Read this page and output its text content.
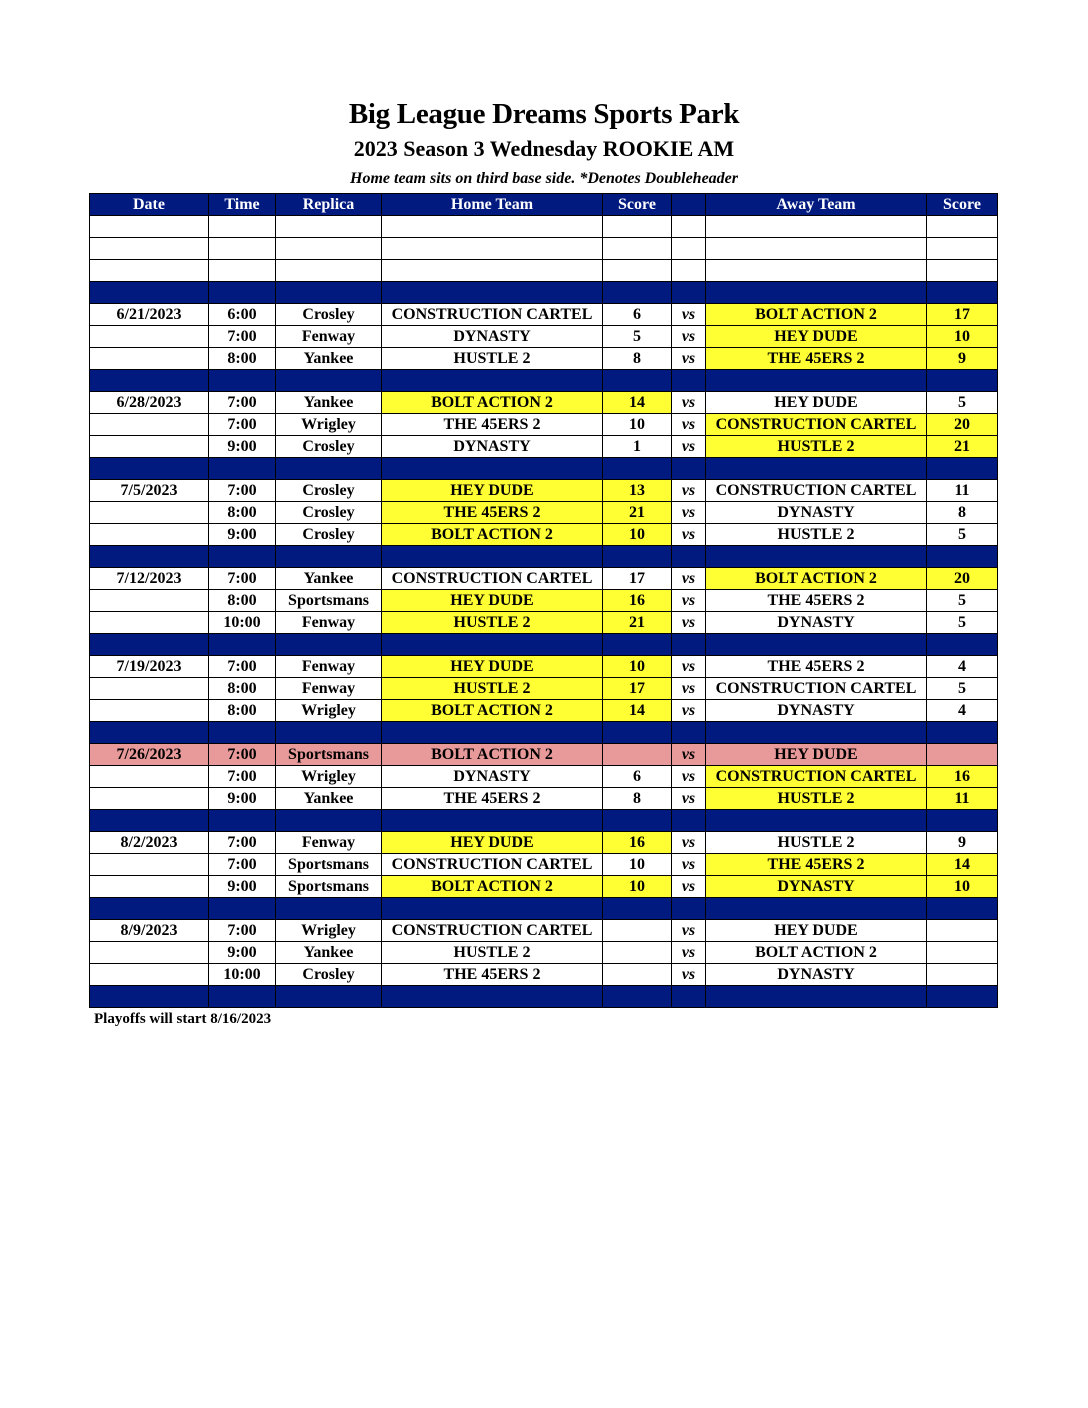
Big League Dreams Sports Park
2023 Season 3 Wednesday ROOKIE AM
Home team sits on third base side. *Denotes Doubleheader
Date	Time	Replica	Home Team	Score		Away Team	Score

6/21/2023	6:00	Crosley	CONSTRUCTION CARTEL	6	vs	BOLT ACTION 2	17
	7:00	Fenway	DYNASTY	5	vs	HEY DUDE	10
	8:00	Yankee	HUSTLE 2	8	vs	THE 45ERS 2	9

6/28/2023	7:00	Yankee	BOLT ACTION 2	14	vs	HEY DUDE	5
	7:00	Wrigley	THE 45ERS 2	10	vs	CONSTRUCTION CARTEL	20
	9:00	Crosley	DYNASTY	1	vs	HUSTLE 2	21

7/5/2023	7:00	Crosley	HEY DUDE	13	vs	CONSTRUCTION CARTEL	11
	8:00	Crosley	THE 45ERS 2	21	vs	DYNASTY	8
	9:00	Crosley	BOLT ACTION 2	10	vs	HUSTLE 2	5

7/12/2023	7:00	Yankee	CONSTRUCTION CARTEL	17	vs	BOLT ACTION 2	20
	8:00	Sportsmans	HEY DUDE	16	vs	THE 45ERS 2	5
	10:00	Fenway	HUSTLE 2	21	vs	DYNASTY	5

7/19/2023	7:00	Fenway	HEY DUDE	10	vs	THE 45ERS 2	4
	8:00	Fenway	HUSTLE 2	17	vs	CONSTRUCTION CARTEL	5
	8:00	Wrigley	BOLT ACTION 2	14	vs	DYNASTY	4

7/26/2023	7:00	Sportsmans	BOLT ACTION 2		vs	HEY DUDE	
	7:00	Wrigley	DYNASTY	6	vs	CONSTRUCTION CARTEL	16
	9:00	Yankee	THE 45ERS 2	8	vs	HUSTLE 2	11

8/2/2023	7:00	Fenway	HEY DUDE	16	vs	HUSTLE 2	9
	7:00	Sportsmans	CONSTRUCTION CARTEL	10	vs	THE 45ERS 2	14
	9:00	Sportsmans	BOLT ACTION 2	10	vs	DYNASTY	10

8/9/2023	7:00	Wrigley	CONSTRUCTION CARTEL		vs	HEY DUDE	
	9:00	Yankee	HUSTLE 2		vs	BOLT ACTION 2	
	10:00	Crosley	THE 45ERS 2		vs	DYNASTY	

Playoffs will start 8/16/2023
